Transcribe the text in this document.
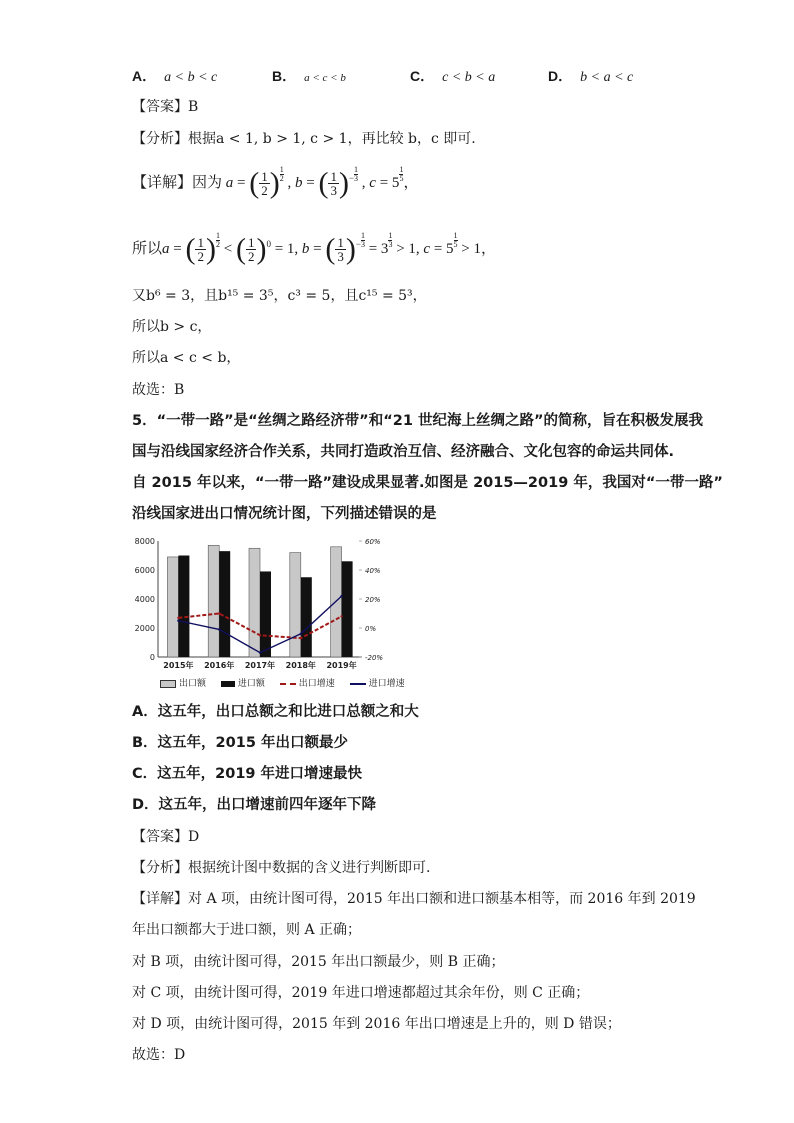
A． a < b < c	B． a < c < b	C． c < b < a	D． b < a < c
【答案】B
【分析】根据a < 1, b > 1, c > 1，再比较 b，c 即可.
【详解】因为 a = ( $\frac{1}{2}$ ) $\frac{1}{2}$ , b = ( $\frac{1}{3} )^- \frac{1}{3}$ , $c = 5 \frac{1}{5}$ ，
所以a = ( $\frac{1}{2}$ ) $\frac{1}{2}$ < ( $\frac{1}{2} )^0 = 1$, b = ( $\frac{1}{3} )^- \frac{1}{3} = 3 \frac{1}{3} > 1$, $c = 5 \frac{1}{5} > 1$，
又b⁶ = 3，且b¹⁵ = 3⁵，c³ = 5，且c¹⁵ = 5³，
所以b > c，
所以a < c < b，
故选：B
5．“一带一路”是“丝绸之路经济带”和“21 世纪海上丝绸之路”的简称，旨在积极发展我
国与沿线国家经济合作关系，共同打造政治互信、经济融合、文化包容的命运共同体.
自 2015 年以来，“一带一路”建设成果显著.如图是 2015—2019 年，我国对“一带一路”
沿线国家进出口情况统计图，下列描述错误的是
0
2000
4000
6000
8000
-20%
0%
20%
40%
60%
2015年 2016年 2017年 2018年 2019年
出口额	进口额	出口增速	进口增速
A．这五年，出口总额之和比进口总额之和大
B．这五年，2015 年出口额最少
C．这五年，2019 年进口增速最快
D．这五年，出口增速前四年逐年下降
【答案】D
【分析】根据统计图中数据的含义进行判断即可.
【详解】对 A 项，由统计图可得，2015 年出口额和进口额基本相等，而 2016 年到 2019
年出口额都大于进口额，则 A 正确；
对 B 项，由统计图可得，2015 年出口额最少，则 B 正确；
对 C 项，由统计图可得，2019 年进口增速都超过其余年份，则 C 正确；
对 D 项，由统计图可得，2015 年到 2016 年出口增速是上升的，则 D 错误；
故选：D
